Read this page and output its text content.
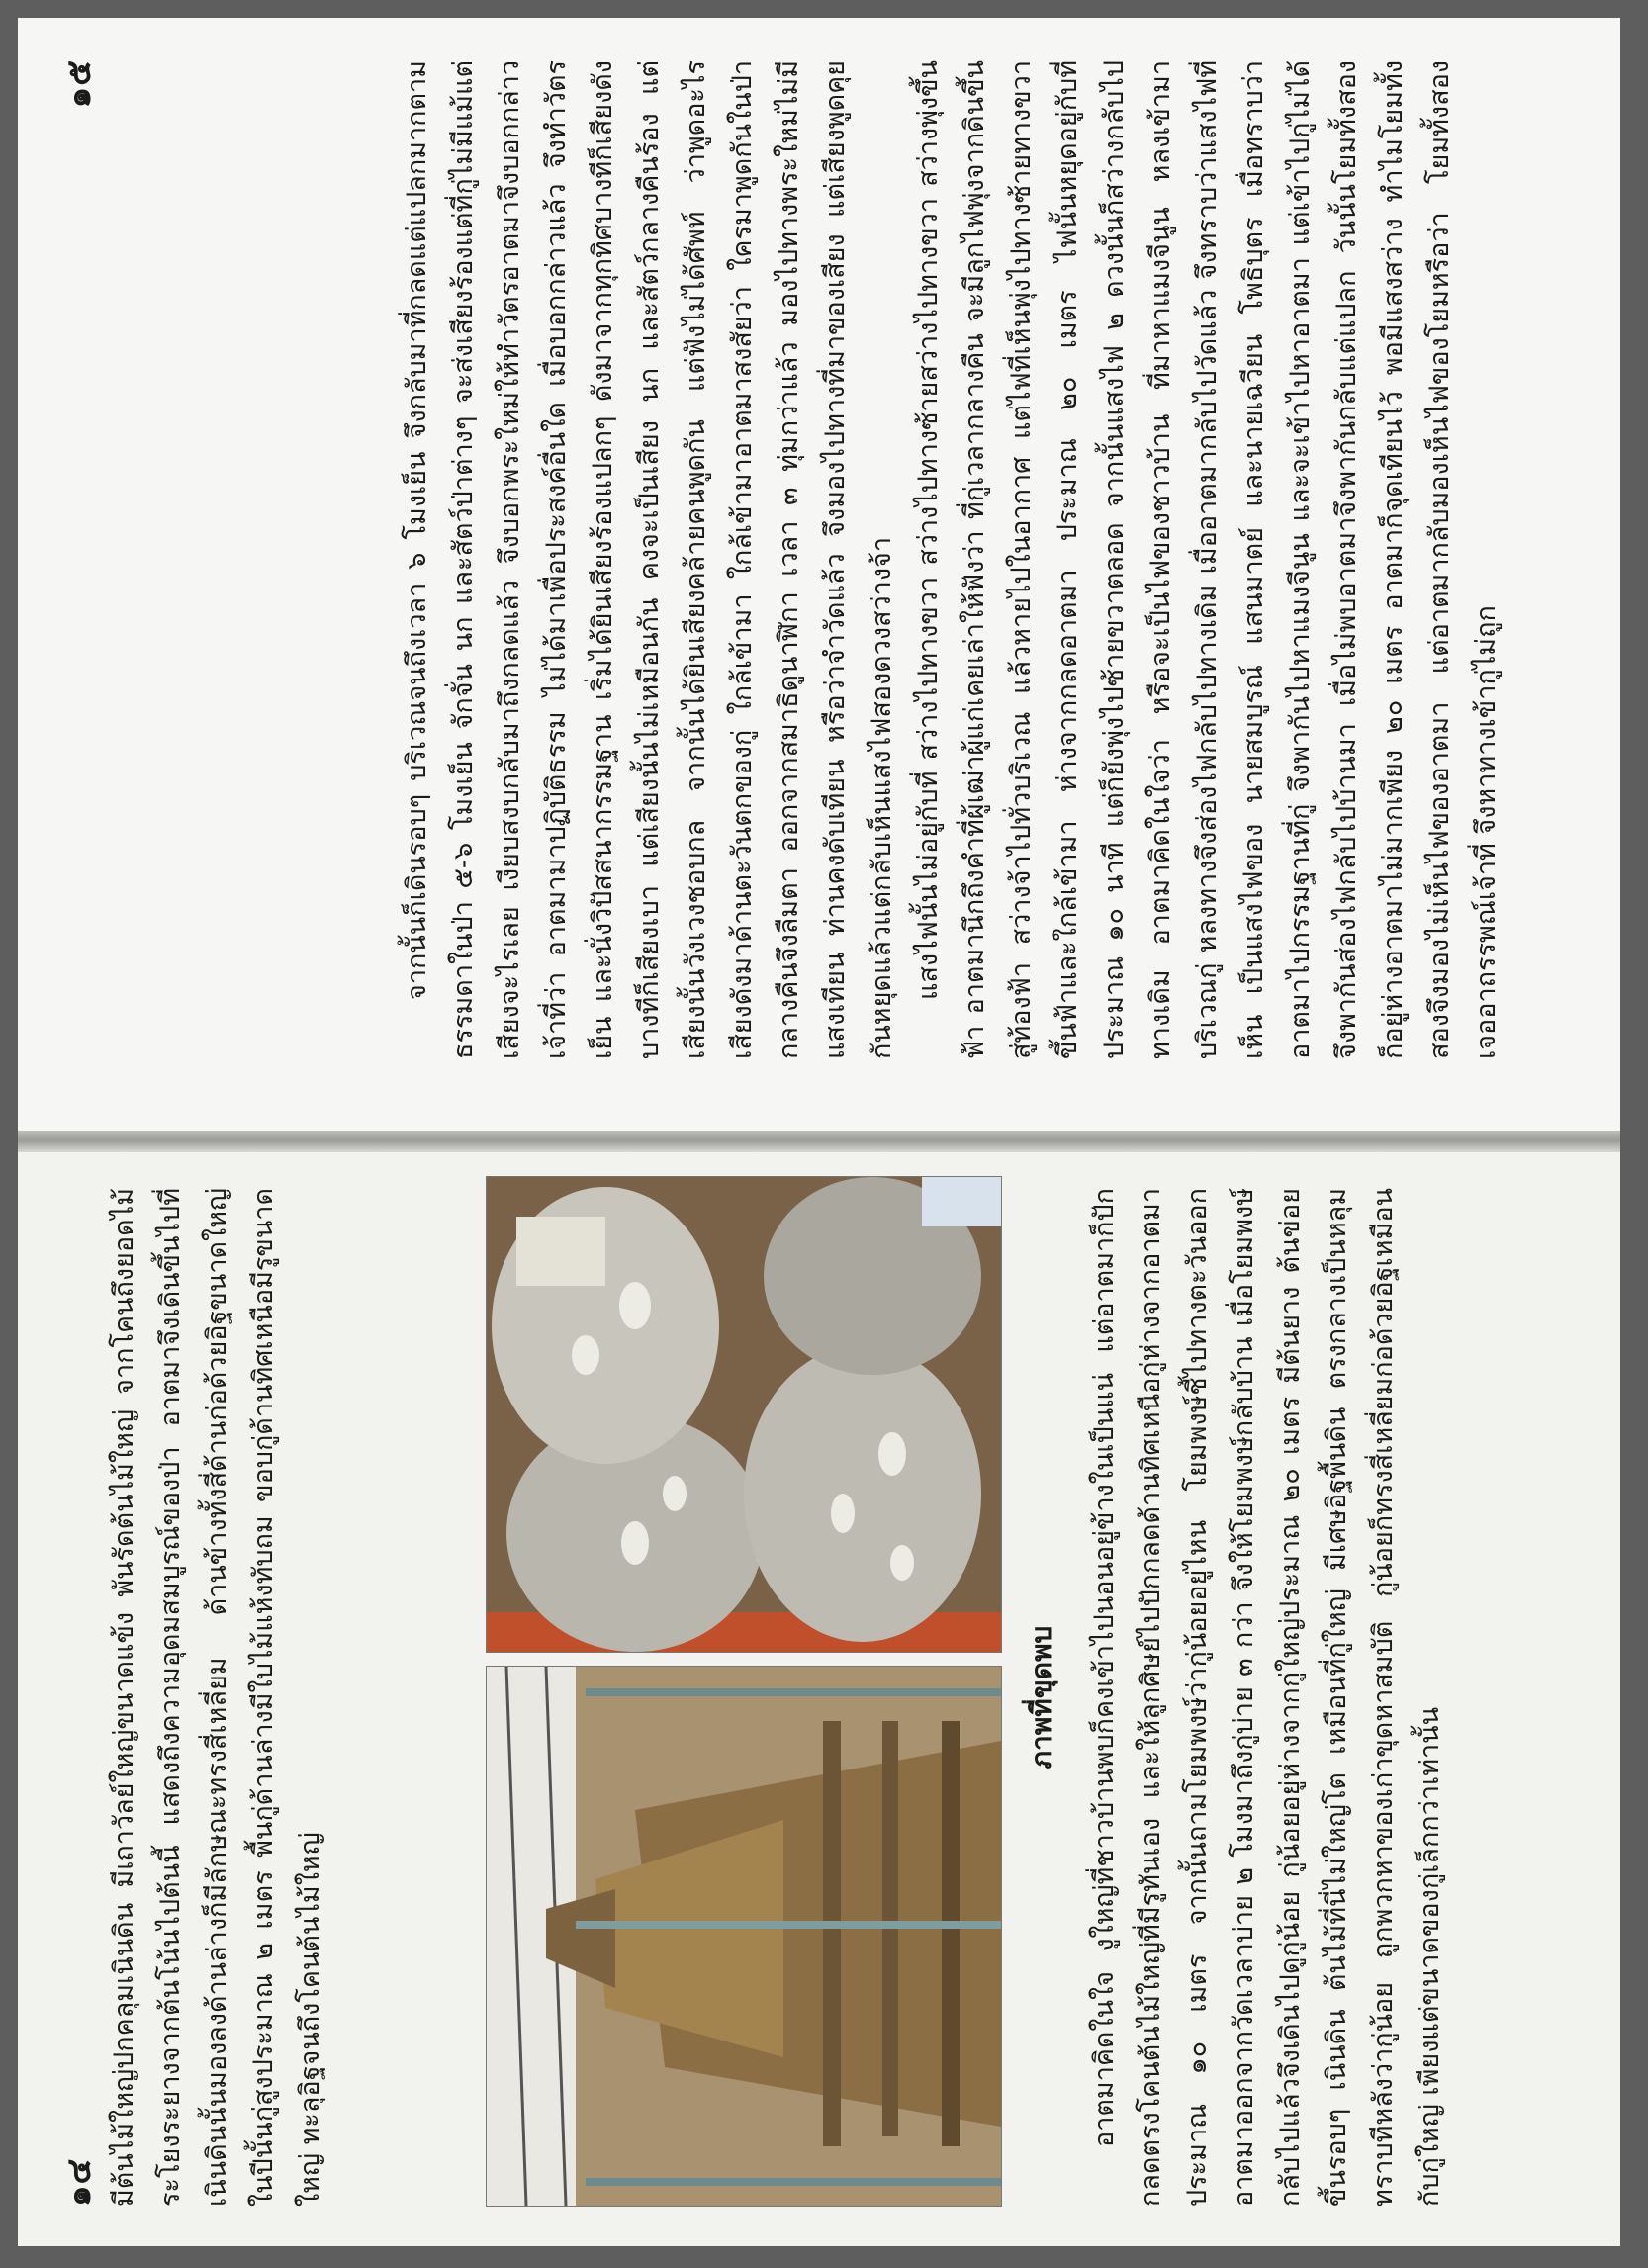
๑๔ มีต้นไม้ใหญ่ปกคลุมเนินดิน มีเถาวัลย์ใหญ่ขนาดแข้ง พันรัดต้นไม้ใหญ่ จากโคนถึงยอดไม้ระโยงระยางจากต้นโน้นไปต้นนี้ แสดงถึงความอุดมสมบูรณ์ของป่า อาตมาจึงเดินขึ้นไปที่เนินดินนั้นมองลงด้านล่างก็มีลักษณะทรงสี่เหลี่ยม ด้านข้างทั้งสี่ด้านก่อด้วยอิฐขนาดใหญ่ ในปีนั้นกู่สูงประมาณ ๒ เมตร พื้นกู่ด้านล่างมีใบไม้แห้งทับถม ขอบกู่ด้านทิศเหนือมีรูขนาดใหญ่ ทะลุอิฐจนถึงโคนต้นไม้ใหญ่

ภาพที่ขุดพบ อาตมาคิดในใจ งูใหญ่ที่ชาวบ้านพบก็คงเข้าไปนอนอยู่ข้างในเป็นแน่ แต่อาตมาก็ปักกลดตรงโคนต้นไม้ใหญ่ที่มีรูทันเอง และให้ลูกศิษย์ไปปักกลดด้านทิศเหนือกู่ห่างจากอาตมาประมาณ ๑๐ เมตร จากนั้นถามโยมพงษ์ว่ากู่น้อยอยู่ไหน โยมพงษ์ชี้ไปทางตะวันออก อาตมาออกจากวัดเวลาบ่าย ๒ โมงมาถึงกู่บ่าย ๓ กว่า จึงให้โยมพงษ์กลับบ้าน เมื่อโยมพงษ์กลับไปแล้วจึงเดินไปดูกู่น้อย กู่น้อยอยู่ห่างจากกู่ใหญ่ประมาณ ๒๐ เมตร มีต้นยาง ต้นข่อย ขึ้นรอบๆ เนินดิน ต้นไม้ที่นี่ไม่ใหญ่โต เหมือนที่กู่ใหญ่ มีเศษอิฐพื้นดิน ตรงกลางเป็นหลุม ทราบทีหลังว่ากู่น้อย ถูกพวกหาของเก่าขุดหาสมบัติ กู่น้อยก็ทรงสี่เหลี่ยมก่อด้วยอิฐเหมือนกับกู่ใหญ่ เพียงแต่ขนาดของกู่เล็กกว่าเท่านั้น

๑๕	จากนั้นก็เดินรอบๆ บริเวณจนถึงเวลา ๖ โมงเย็น จึงกลับมาที่กลดแต่แปลกมากตามธรรมดาในป่า ๕-๖ โมงเย็น จักจั่น นก และสัตว์ป่าต่างๆ จะส่งเสียงร้องแต่ที่กู่ไม่มีแม้แต่เสียงจะไรเลย เงียบสงบกลับมาถึงกลดแล้ว จึงบอกพระใหม่ให้ทำวัตรอาตมาจึงบอกกล่าวเจ้าที่ว่า อาตมามาปฏิบัติธรรม ไม่ได้มาเพื่อประสงค์อื่นใด เมื่อบอกกล่าวแล้ว จึงทำวัตรเย็น และนั่งวิปัสสนากรรมฐาน เริ่มได้ยินเสียงร้องแปลกๆ ดังมาจากทุกทิศบางทีก็เสียงดังบางทีก็เสียงเบา แต่เสียงนั้นไม่เหมือนกัน คงจะเป็นเสียง นก และสัตว์กลางคืนร้อง แต่เสียงนั้นวังเวงชอบกล จากนั้นได้ยินเสียงคล้ายคนพูดกัน แต่ฟังไม่ได้ศัพท์ ว่าพูดอะไร เสียงดังมาด้านตะวันตกของกู่ ใกล้เข้ามา ใกล้เข้ามาอาตมาสงสัยว่า ใครมาพูดกันในป่ากลางคืนจึงลืมตา ออกจากสมาธิดูนาฬิกา เวลา ๓ ทุ่มกว่าแล้ว มองไปทางพระใหม่ไม่มีแสงเทียน ท่านคงดับเทียน หรือว่าจำวัดแล้ว จึงมองไปทางที่มาของเสียง แต่เสียงพูดคุยกันหยุดแล้วแต่กลับเห็นแสงไฟสองดวงสว่างจ้า แสงไฟนั้นไม่อยู่กับที่ สว่างไปทางขวา สว่างไปทางซ้ายสว่างไปทางขวา สว่างพุ่งขึ้นฟ้า อาตมานึกถึงคำที่ผู้เฒ่าผู้แก่เคยเล่าให้ฟังว่า ที่กู่เวลากลางคืน จะมีลูกไฟพุ่งจากดินขึ้นสู่ท้องฟ้า สว่างจ้าไปทั่วบริเวณ แล้วหายไปในอากาศ แต่ไฟที่เห็นพุ่งไปทางซ้ายทางขวา ขึ้นฟ้าและใกล้เข้ามา ห่างจากกลดอาตมา ประมาณ ๒๐ เมตร ไฟนั้นหยุดอยู่กับที่ ประมาณ ๑๐ นาที แต่ก็ยังพุ่งไปซ้ายขวาตลอด จากนั้นแสงไฟ ๒ ดวงนั้นก็สว่างกลับไปทางเดิม อาตมาคิดในใจว่า หรือจะเป็นไฟของชาวบ้าน ที่มาหาแมงจีนูน หลงเข้ามาบริเวณกู่ หลงทางจึงส่องไฟกลับไปทางเดิม เมื่ออาตมากลับไปวัดแล้ว จึงทราบว่าแสงไฟที่เห็น เป็นแสงไฟของ นายสมบูรณ์ แสนมาตย์ และนายเฉวียน โพธิบุตร เมื่อทราบว่าอาตมาไปกรรมฐานที่กู่ จึงพากันไปหาแมงจีนูน และจะเข้าไปหาอาตมา แต่เข้าไปกู่ไม่ได้ จึงพากันส่องไฟกลับไปบ้านมา เมื่อไม่พบอาตมาจึงพากันกลับแต่แปลก วันนั้นโยมทั้งสอง ก็อยู่ห่างอาตมาไม่มากเพียง ๒๐ เมตร อาตมาก็จุดเทียนไว้ พอมีแสงสว่าง ทำไมโยมทั้งสองจึงมองไม่เห็นไฟของอาตมา แต่อาตมากลับมองเห็นไฟของโยมหรือว่า โยมทั้งสองเจออาถรรพณ์เจ้าที่ จึงหาทางเข้ากู่ไม่ถูก
